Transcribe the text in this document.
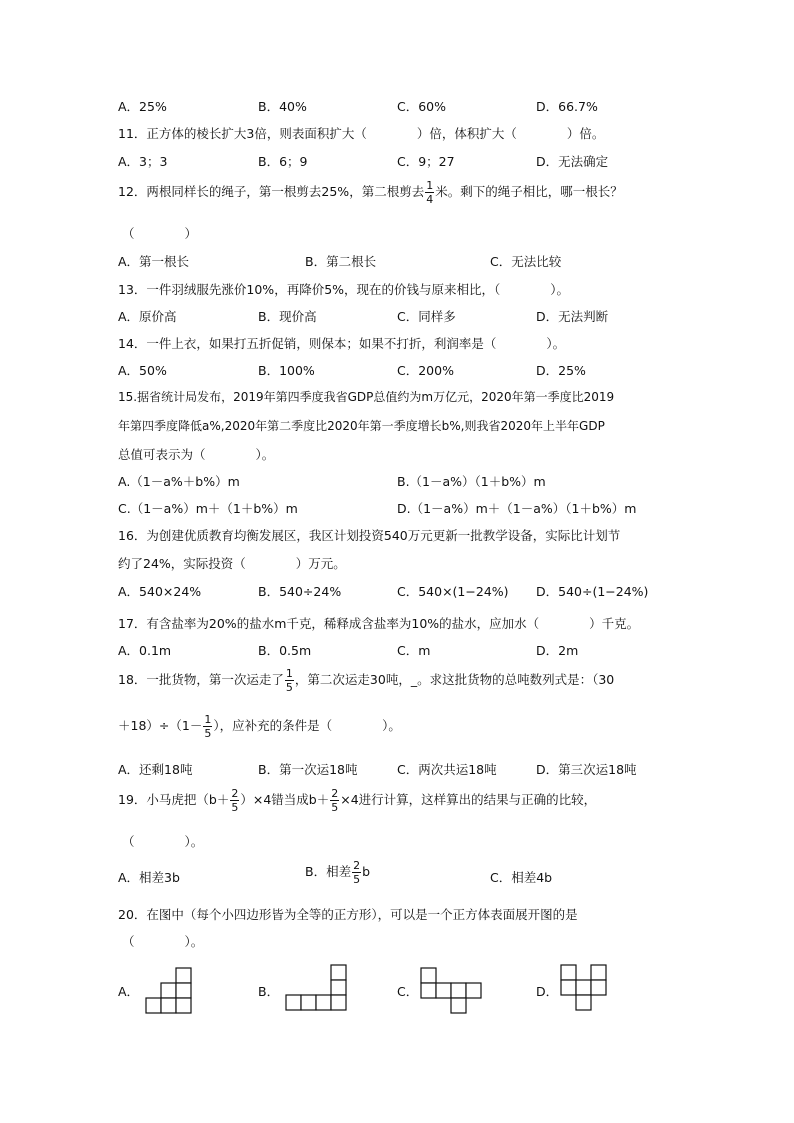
A．25%	B．40%	C．60%	D．66.7%
11．正方体的棱长扩大3倍，则表面积扩大（　　　　）倍，体积扩大（　　　　）倍。
A．3；3	B．6；9	C．9；27	D．无法确定
12．两根同样长的绳子，第一根剪去25%，第二根剪去 $\frac{1}{4}$ 米。剩下的绳子相比，哪一根长？
（　　　　）
A．第一根长	B．第二根长	C．无法比较
13．一件羽绒服先涨价10%，再降价5%，现在的价钱与原来相比，（　　　　）。
A．原价高	B．现价高	C．同样多	D．无法判断
14．一件上衣，如果打五折促销，则保本；如果不打折，利润率是（　　　　）。
A．50%	B．100%	C．200%	D．25%
15.据省统计局发布，2019年第四季度我省GDP总值约为m万亿元，2020年第一季度比2019
年第四季度降低a%,2020年第二季度比2020年第一季度增长b%,则我省2020年上半年GDP
总值可表示为（　　　　）。
A.（1－a%＋b%）m	B.（1－a%）（1＋b%）m
C.（1－a%）m＋（1＋b%）m	D.（1－a%）m＋（1－a%）（1＋b%）m
16．为创建优质教育均衡发展区，我区计划投资540万元更新一批教学设备，实际比计划节
约了24%，实际投资（　　　　）万元。
A．540×24%	B．540÷24%	C．540×(1−24%) D．540÷(1−24%)
17．有含盐率为20%的盐水m千克，稀释成含盐率为10%的盐水，应加水（　　　　）千克。
A．0.1m	B．0.5m	C．m	D．2m
18．一批货物，第一次运走了 $\frac{1}{5}$ ，第二次运走30吨，_。求这批货物的总吨数列式是：（30
$+18)\div(1- \frac{1}{5}$ ），应补充的条件是（　　　　）。
A．还剩18吨	B．第一次运18吨	C．两次共运18吨	D．第三次运18吨
19．小马虎把$(b+ \frac{2}{5} )\times 4$错当成$b+ \frac{2}{5} \times 4$进行计算，这样算出的结果与正确的比较，
（　　　　）。
A．相差3b	B．相差 $\frac{2}{5}$ b	C．相差4b
20．在图中（每个小四边形皆为全等的正方形），可以是一个正方体表面展开图的是
（　　　　）。
A．	B．	C．	D．
